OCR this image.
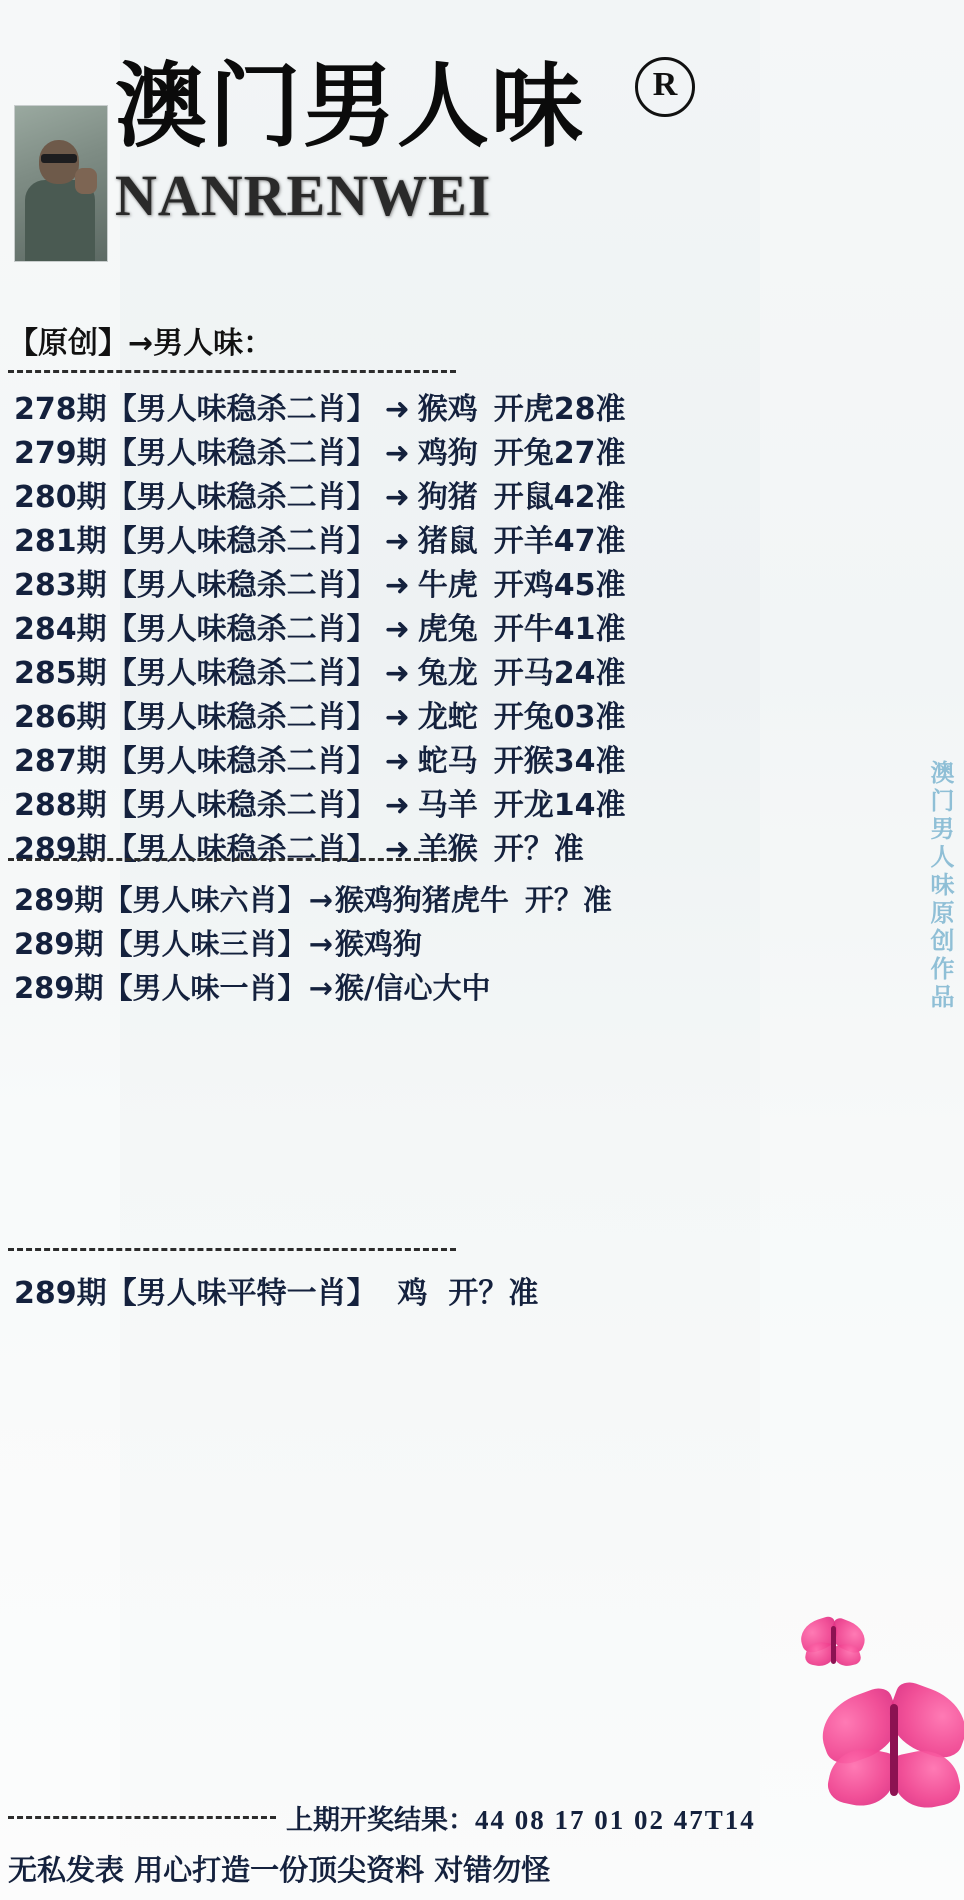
澳门男人味	R
NANRENWEI
【原创】→男人味：
278期 【男人味稳杀二肖】 ➜ 猴鸡 开虎28准
279期 【男人味稳杀二肖】 ➜ 鸡狗 开兔27准
280期 【男人味稳杀二肖】 ➜ 狗猪 开鼠42准
281期 【男人味稳杀二肖】 ➜ 猪鼠 开羊47准
283期 【男人味稳杀二肖】 ➜ 牛虎 开鸡45准
284期 【男人味稳杀二肖】 ➜ 虎兔 开牛41准
285期 【男人味稳杀二肖】 ➜ 兔龙 开马24准
286期 【男人味稳杀二肖】 ➜ 龙蛇 开兔03准
287期 【男人味稳杀二肖】 ➜ 蛇马 开猴34准
288期 【男人味稳杀二肖】 ➜ 马羊 开龙14准
289期 【男人味稳杀二肖】 ➜ 羊猴 开？准
289期 【男人味六肖】 → 猴鸡狗猪虎牛 开？准
289期 【男人味三肖】 → 猴鸡狗
289期 【男人味一肖】 → 猴/信心大中
289期【男人味平特一肖】 鸡 开？准
澳门男人味原创作品
上期开奖结果：44 08 17 01 02 47T14
无私发表 用心打造一份顶尖资料 对错勿怪
